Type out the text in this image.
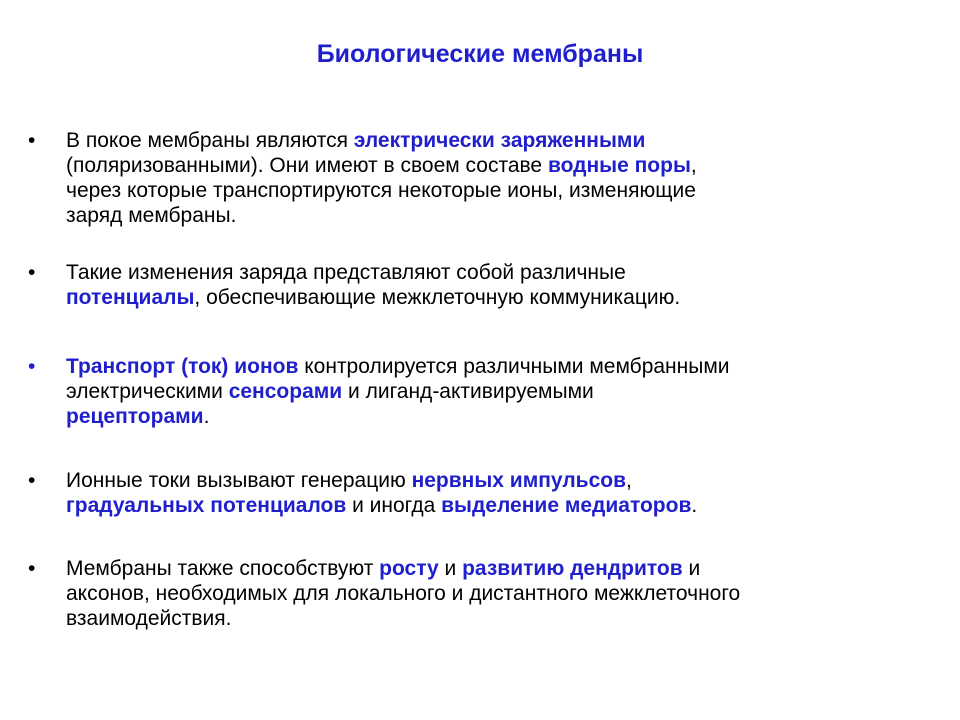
Биологические мембраны
•	В покое мембраны являются электрически заряженными
(поляризованными). Они имеют в своем составе водные поры,
через которые транспортируются некоторые ионы, изменяющие
заряд мембраны.
•	Такие изменения заряда представляют собой различные
потенциалы, обеспечивающие межклеточную коммуникацию.
•	Транспорт (ток) ионов контролируется различными мембранными
электрическими сенсорами и лиганд-активируемыми
рецепторами.
•	Ионные токи вызывают генерацию нервных импульсов,
градуальных потенциалов и иногда выделение медиаторов.
•	Мембраны также способствуют росту и развитию дендритов и
аксонов, необходимых для локального и дистантного межклеточного
взаимодействия.
